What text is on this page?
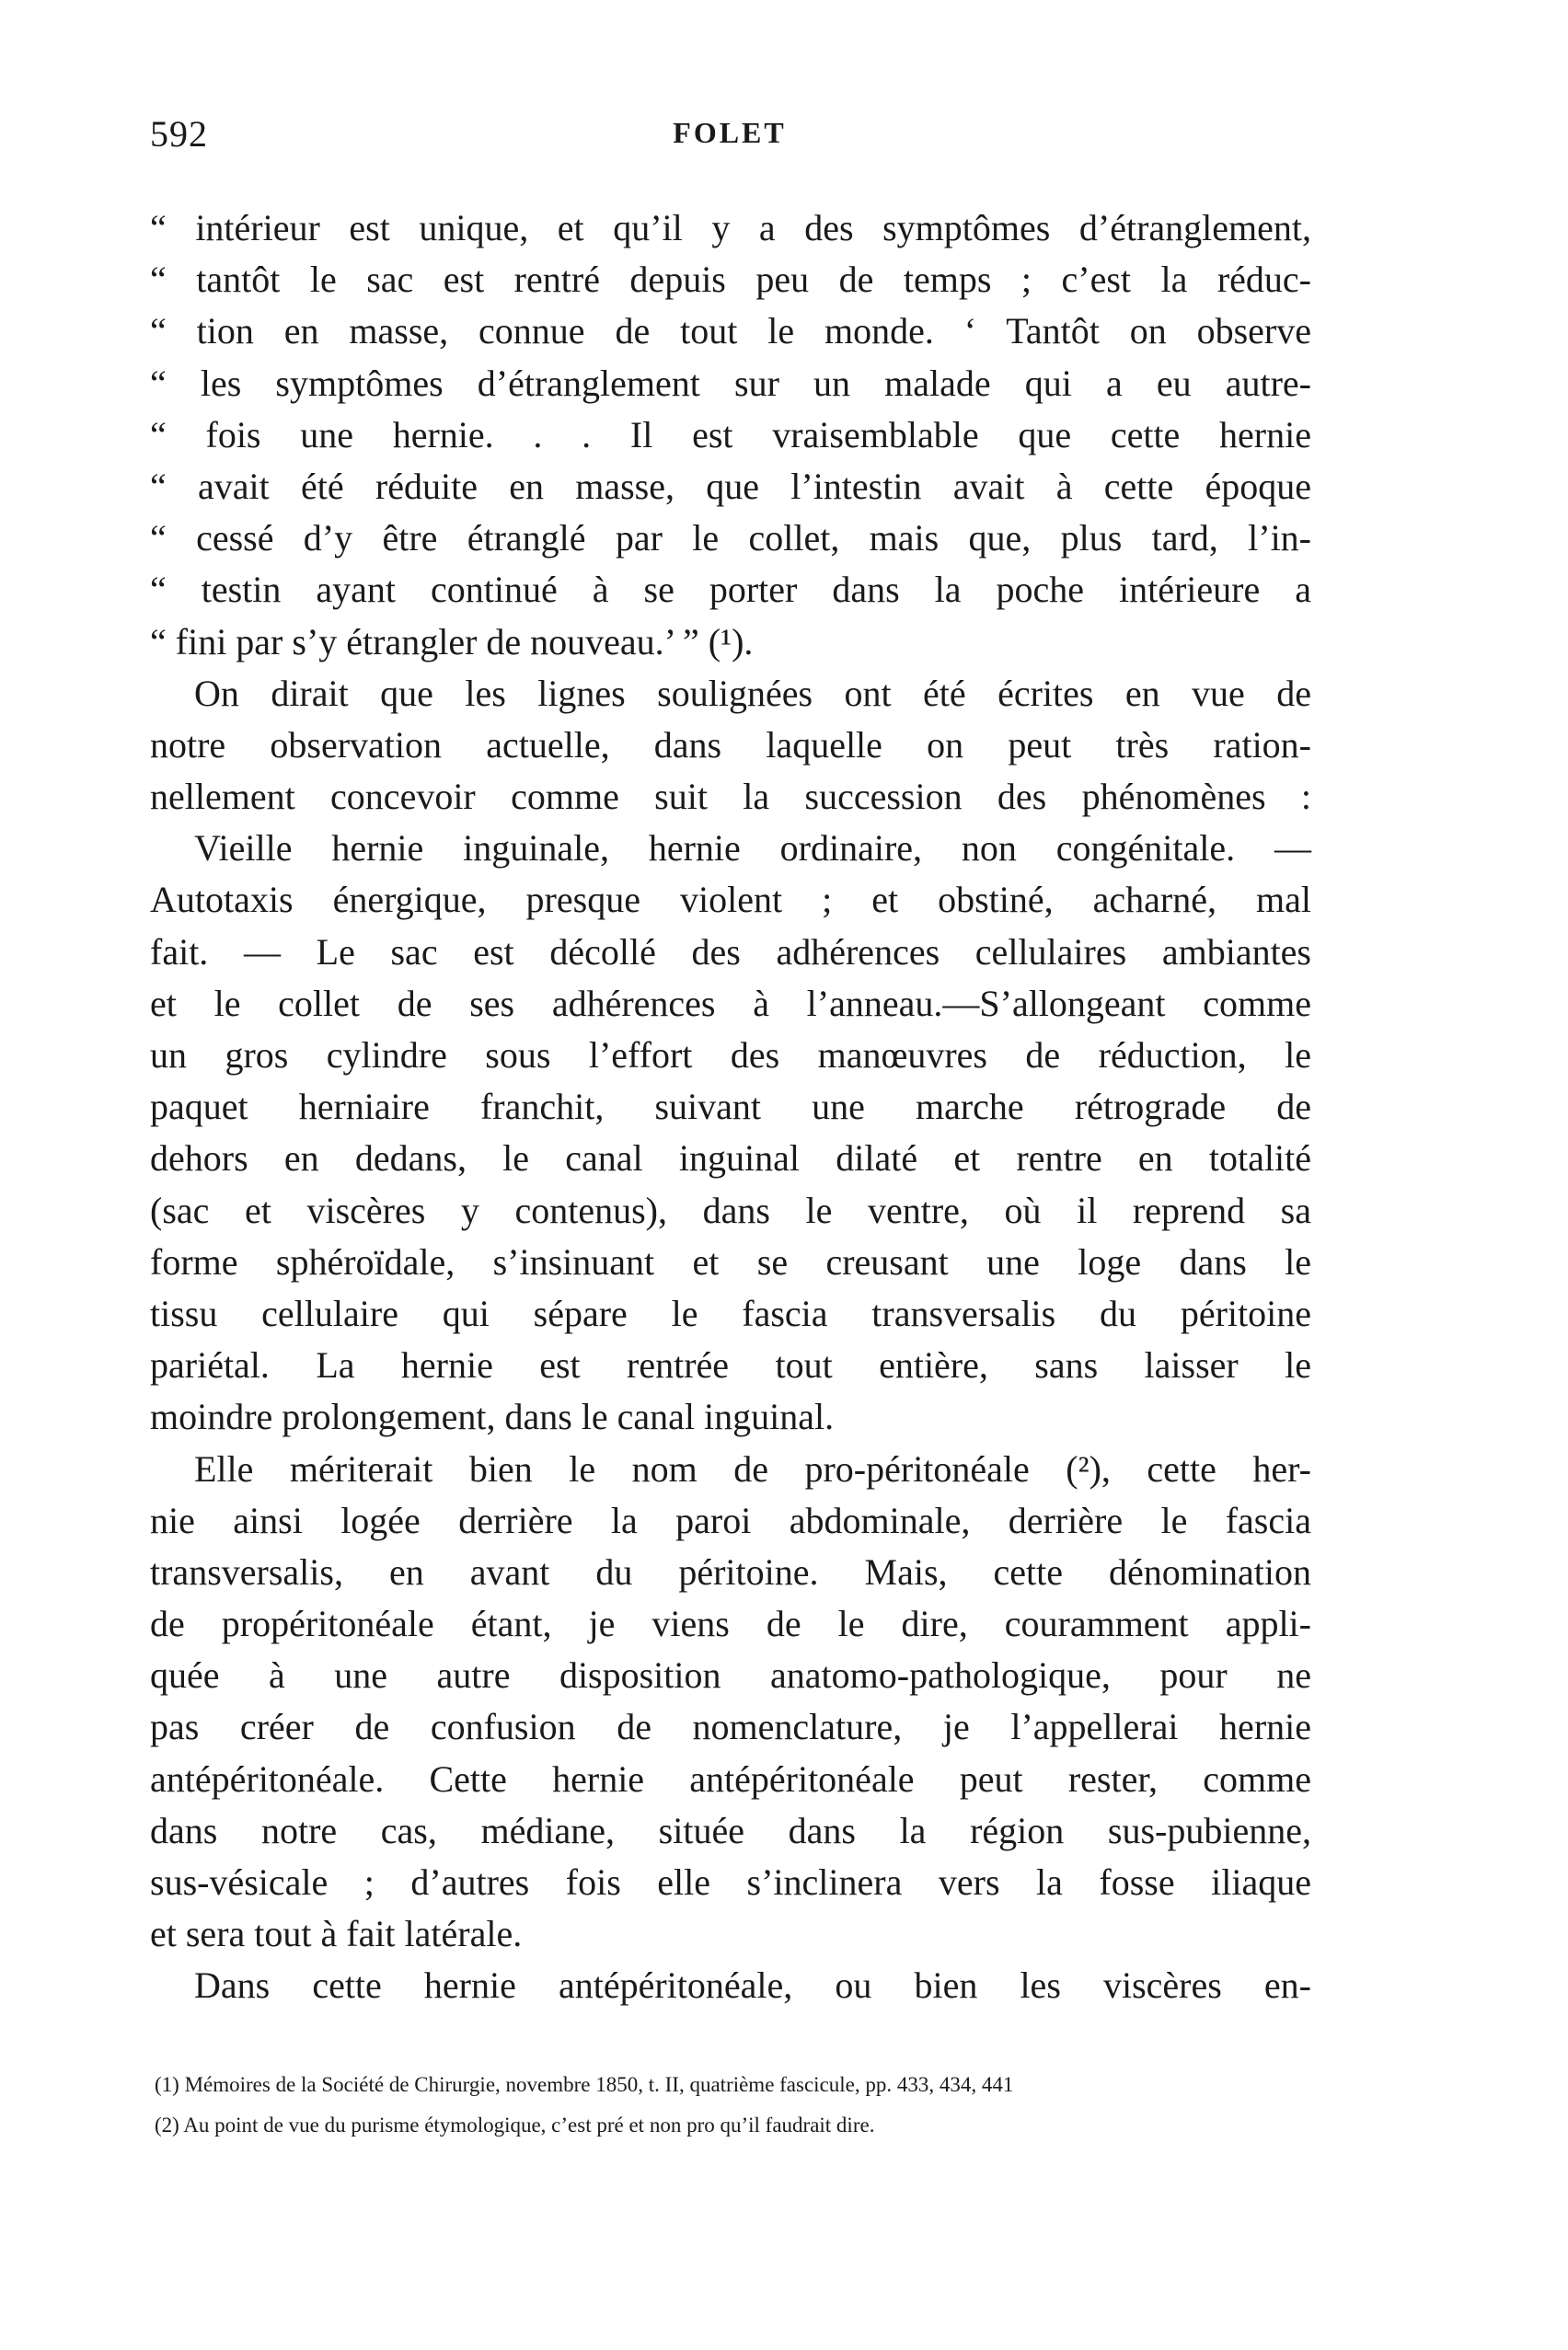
592	FOLET
“ intérieur est unique, et qu’il y a des symptômes d’étranglement,
“ tantôt le sac est rentré depuis peu de temps ; c’est la réduc-
“ tion en masse, connue de tout le monde. ‘ Tantôt on observe
“ les symptômes d’étranglement sur un malade qui a eu autre-
“ fois une hernie. . . Il est vraisemblable que cette hernie
“ avait été réduite en masse, que l’intestin avait à cette époque
“ cessé d’y être étranglé par le collet, mais que, plus tard, l’in-
“ testin ayant continué à se porter dans la poche intérieure a
“ fini par s’y étrangler de nouveau.’ ” (¹).
On dirait que les lignes soulignées ont été écrites en vue de
notre observation actuelle, dans laquelle on peut très ration-
nellement concevoir comme suit la succession des phénomènes :
Vieille hernie inguinale, hernie ordinaire, non congénitale. —
Autotaxis énergique, presque violent ; et obstiné, acharné, mal
fait. — Le sac est décollé des adhérences cellulaires ambiantes
et le collet de ses adhérences à l’anneau.—S’allongeant comme
un gros cylindre sous l’effort des manœuvres de réduction, le
paquet herniaire franchit, suivant une marche rétrograde de
dehors en dedans, le canal inguinal dilaté et rentre en totalité
(sac et viscères y contenus), dans le ventre, où il reprend sa
forme sphéroïdale, s’insinuant et se creusant une loge dans le
tissu cellulaire qui sépare le fascia transversalis du péritoine
pariétal. La hernie est rentrée tout entière, sans laisser le
moindre prolongement, dans le canal inguinal.
Elle mériterait bien le nom de pro-péritonéale (²), cette her-
nie ainsi logée derrière la paroi abdominale, derrière le fascia
transversalis, en avant du péritoine. Mais, cette dénomination
de propéritonéale étant, je viens de le dire, couramment appli-
quée à une autre disposition anatomo-pathologique, pour ne
pas créer de confusion de nomenclature, je l’appellerai hernie
antépéritonéale. Cette hernie antépéritonéale peut rester, comme
dans notre cas, médiane, située dans la région sus-pubienne,
sus-vésicale ; d’autres fois elle s’inclinera vers la fosse iliaque
et sera tout à fait latérale.
Dans cette hernie antépéritonéale, ou bien les viscères en-
(1) Mémoires de la Société de Chirurgie, novembre 1850, t. II, quatrième fascicule, pp. 433, 434, 441
(2) Au point de vue du purisme étymologique, c’est pré et non pro qu’il faudrait dire.
